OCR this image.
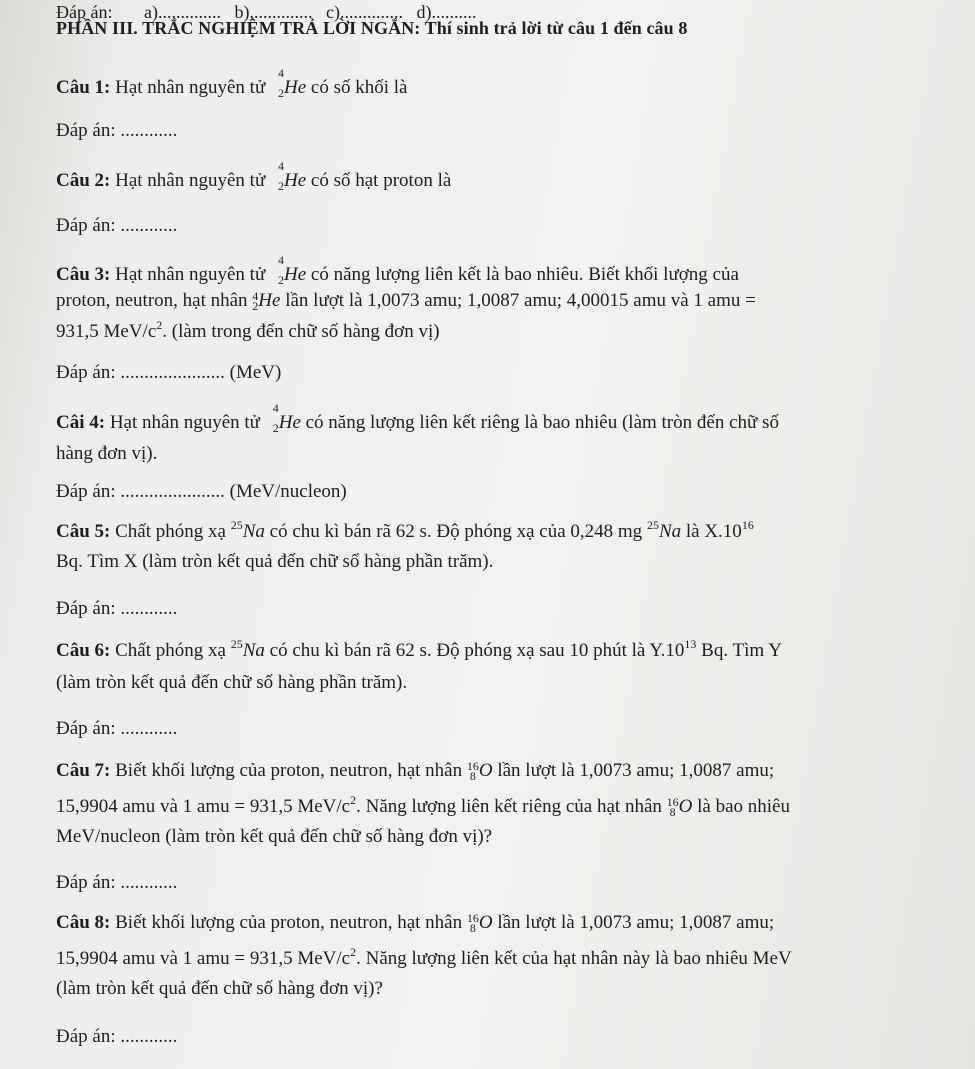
Đáp án: a).............. b).............. c).............. d)..........
PHẦN III. TRẮC NGHIỆM TRẢ LỜI NGẮN: Thí sinh trả lời từ câu 1 đến câu 8
Câu 1: Hạt nhân nguyên tử
4
2 He có số khối là
Đáp án: ............
Câu 2: Hạt nhân nguyên tử
4
2 He có số hạt proton là
Đáp án: ............
Câu 3: Hạt nhân nguyên tử
4
2 He có năng lượng liên kết là bao nhiêu. Biết khối lượng của
proton, neutron, hạt nhân 4
2He lần lượt là 1,0073 amu; 1,0087 amu; 4,00015 amu và 1 amu =
931,5 MeV/$c^2$. (làm trong đến chữ số hàng đơn vị)
Đáp án: ...................... (MeV)
Câi 4: Hạt nhân nguyên tử
4
2 He có năng lượng liên kết riêng là bao nhiêu (làm tròn đến chữ số
hàng đơn vị).
Đáp án: ...................... (MeV/nucleon)
Câu 5: Chất phóng xạ $^{25}$Na có chu kì bán rã 62 s. Độ phóng xạ của 0,248 mg $^{25}$Na là $X.10^{16}$
Bq. Tìm X (làm tròn kết quả đến chữ số hàng phần trăm).
Đáp án: ............
Câu 6: Chất phóng xạ $^{25}$Na có chu kì bán rã 62 s. Độ phóng xạ sau 10 phút là $Y.10^{13}$ Bq. Tìm Y
(làm tròn kết quả đến chữ số hàng phần trăm).
Đáp án: ............
Câu 7: Biết khối lượng của proton, neutron, hạt nhân 16
8 O lần lượt là 1,0073 amu; 1,0087 amu;
15,9904 amu và 1 amu = 931,5 MeV/$c^2$. Năng lượng liên kết riêng của hạt nhân 16
8 O là bao nhiêu
MeV/nucleon (làm tròn kết quả đến chữ số hàng đơn vị)?
Đáp án: ............
Câu 8: Biết khối lượng của proton, neutron, hạt nhân 16
8 O lần lượt là 1,0073 amu; 1,0087 amu;
15,9904 amu và 1 amu = 931,5 MeV/$c^2$. Năng lượng liên kết của hạt nhân này là bao nhiêu MeV
(làm tròn kết quả đến chữ số hàng đơn vị)?
Đáp án: ............
